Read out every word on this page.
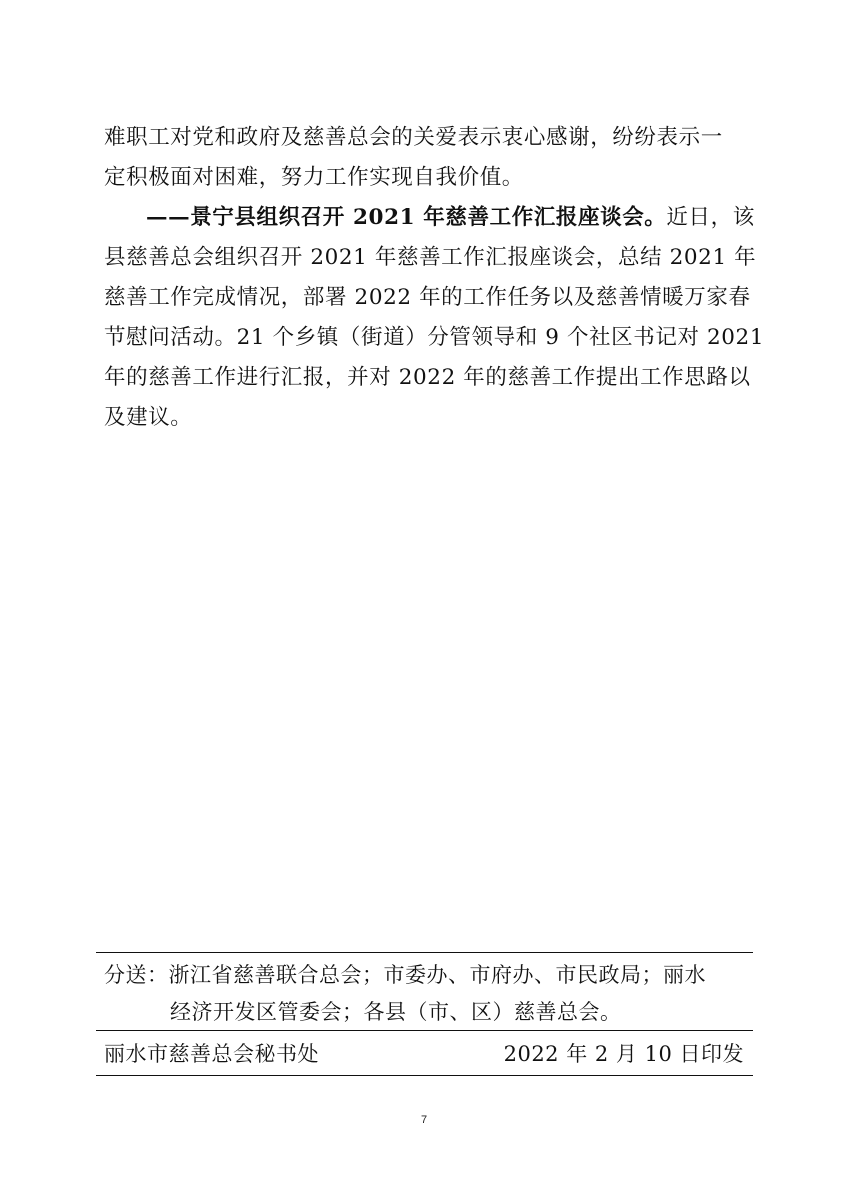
难职工对党和政府及慈善总会的关爱表示衷心感谢，纷纷表示一
定积极面对困难，努力工作实现自我价值。
——景宁县组织召开 2021 年慈善工作汇报座谈会。近日，该
县慈善总会组织召开 2021 年慈善工作汇报座谈会，总结 2021 年
慈善工作完成情况，部署 2022 年的工作任务以及慈善情暖万家春
节慰问活动。21 个乡镇（街道）分管领导和 9 个社区书记对 2021
年的慈善工作进行汇报，并对 2022 年的慈善工作提出工作思路以
及建议。
分送：浙江省慈善联合总会；市委办、市府办、市民政局；丽水
经济开发区管委会；各县（市、区）慈善总会。
丽水市慈善总会秘书处	2022 年 2 月 10 日印发
7
